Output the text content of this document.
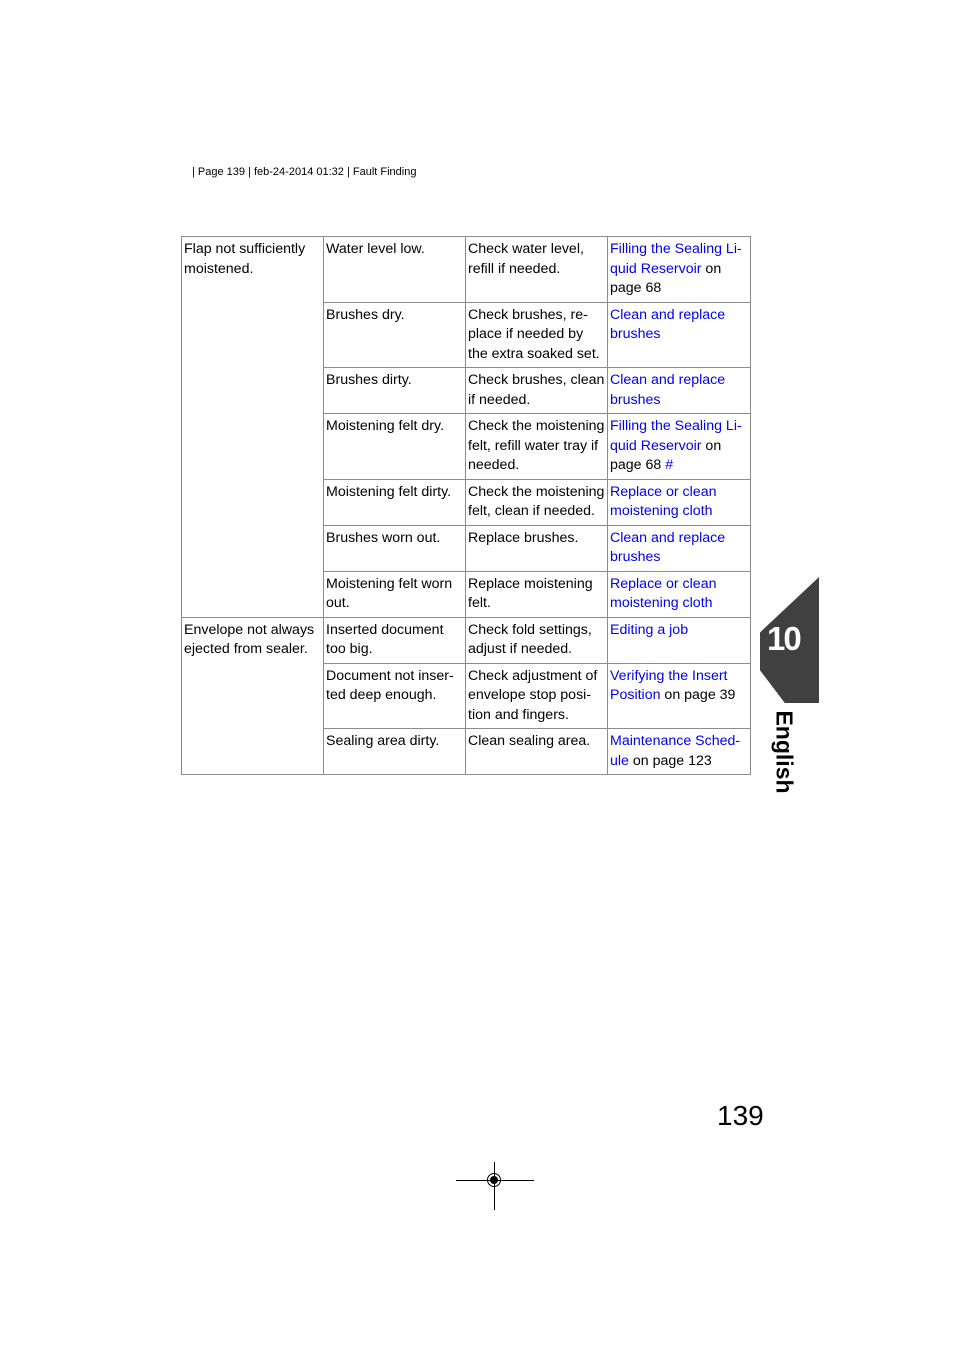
| Page 139 | feb-24-2014 01:32 | Fault Finding
Flap not sufficiently moistened.	Water level low.	Check water level, refill if needed.	Filling the Sealing Li-quid Reservoir on page 68
	Brushes dry.	Check brushes, re-place if needed by the extra soaked set.	Clean and replace brushes
	Brushes dirty.	Check brushes, clean if needed.	Clean and replace brushes
	Moistening felt dry.	Check the moistening felt, refill water tray if needed.	Filling the Sealing Li-quid Reservoir on page 68 #
	Moistening felt dirty.	Check the moistening felt, clean if needed.	Replace or clean moistening cloth
	Brushes worn out.	Replace brushes.	Clean and replace brushes
	Moistening felt worn out.	Replace moistening felt.	Replace or clean moistening cloth
Envelope not always ejected from sealer.	Inserted document too big.	Check fold settings, adjust if needed.	Editing a job
	Document not inser-ted deep enough.	Check adjustment of envelope stop posi-tion and fingers.	Verifying the Insert Position on page 39
	Sealing area dirty.	Clean sealing area.	Maintenance Sched-ule on page 123
10
English
139
